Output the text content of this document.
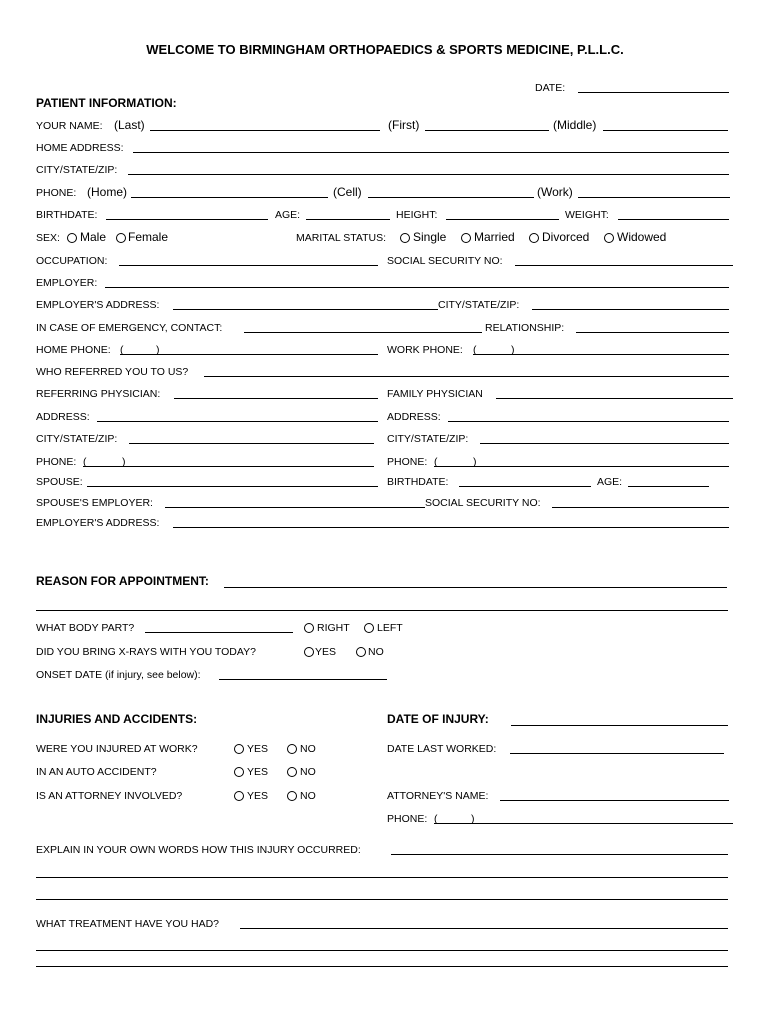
WELCOME TO BIRMINGHAM ORTHOPAEDICS & SPORTS MEDICINE, P.L.L.C.
DATE:
PATIENT INFORMATION:
YOUR NAME: (Last)	(First)	(Middle)
HOME ADDRESS:
CITY/STATE/ZIP:
PHONE: (Home)	(Cell)	(Work)
BIRTHDATE:	AGE:	HEIGHT:	WEIGHT:
SEX: Male Female	MARITAL STATUS: Single Married Divorced Widowed
OCCUPATION:	SOCIAL SECURITY NO:
EMPLOYER:
EMPLOYER'S ADDRESS:	CITY/STATE/ZIP:
IN CASE OF EMERGENCY, CONTACT:	RELATIONSHIP:
HOME PHONE: (	)	WORK PHONE: (	)
WHO REFERRED YOU TO US?
REFERRING PHYSICIAN:	FAMILY PHYSICIAN
ADDRESS:	ADDRESS:
CITY/STATE/ZIP:	CITY/STATE/ZIP:
PHONE: (	)	PHONE: (	)
SPOUSE:	BIRTHDATE:	AGE:
SPOUSE'S EMPLOYER:	SOCIAL SECURITY NO:
EMPLOYER'S ADDRESS:
REASON FOR APPOINTMENT:
WHAT BODY PART?	RIGHT	LEFT
DID YOU BRING X-RAYS WITH YOU TODAY?	YES	NO
ONSET DATE (if injury, see below):
INJURIES AND ACCIDENTS:	DATE OF INJURY:
WERE YOU INJURED AT WORK?	YES	NO	DATE LAST WORKED:
IN AN AUTO ACCIDENT?	YES	NO
IS AN ATTORNEY INVOLVED?	YES	NO	ATTORNEY'S NAME:
PHONE: (	)
EXPLAIN IN YOUR OWN WORDS HOW THIS INJURY OCCURRED:
WHAT TREATMENT HAVE YOU HAD?
